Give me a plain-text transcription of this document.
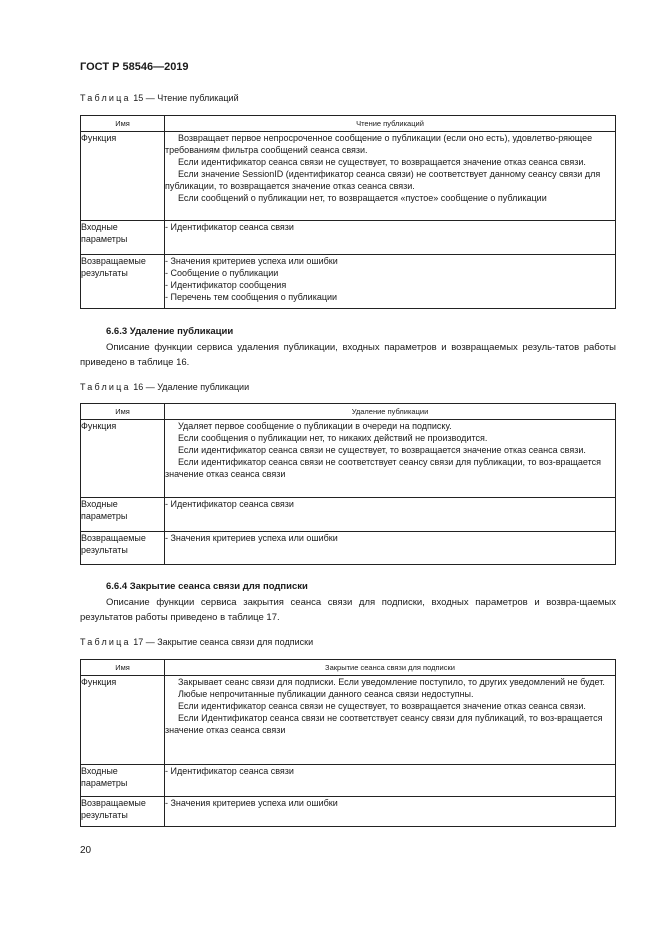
ГОСТ Р 58546—2019
Таблица 15 — Чтение публикаций
Имя	Чтение публикаций
Функция	Возвращает первое непросроченное сообщение о публикации (если оно есть), удовлетво-ряющее требованиям фильтра сообщений сеанса связи.

Если идентификатор сеанса связи не существует, то возвращается значение отказ сеанса связи.

Если значение SessionID (идентификатор сеанса связи) не соответствует данному сеансу связи для публикации, то возвращается значение отказ сеанса связи.

Если сообщений о публикации нет, то возвращается «пустое» сообщение о публикации

Входные параметры	- Идентификатор сеанса связи

Возвращаемые результаты	- Значения критериев успеха или ошибки
- Сообщение о публикации
- Идентификатор сообщения
- Перечень тем сообщения о публикации
6.6.3 Удаление публикации
Описание функции сервиса удаления публикации, входных параметров и возвращаемых резуль-татов работы приведено в таблице 16.
Таблица 16 — Удаление публикации
Имя	Удаление публикации
Функция	Удаляет первое сообщение о публикации в очереди на подписку.

Если сообщения о публикации нет, то никаких действий не производится.

Если идентификатор сеанса связи не существует, то возвращается значение отказ сеанса связи.

Если идентификатор сеанса связи не соответствует сеансу связи для публикации, то воз-вращается значение отказ сеанса связи

Входные параметры	- Идентификатор сеанса связи

Возвращаемые результаты	- Значения критериев успеха или ошибки
6.6.4 Закрытие сеанса связи для подписки
Описание функции сервиса закрытия сеанса связи для подписки, входных параметров и возвра-щаемых результатов работы приведено в таблице 17.
Таблица 17 — Закрытие сеанса связи для подписки
Имя	Закрытие сеанса связи для подписки
Функция	Закрывает сеанс связи для подписки. Если уведомление поступило, то других уведомлений не будет.

Любые непрочитанные публикации данного сеанса связи недоступны.

Если идентификатор сеанса связи не существует, то возвращается значение отказ сеанса связи.

Если Идентификатор сеанса связи не соответствует сеансу связи для публикаций, то воз-вращается значение отказ сеанса связи

Входные параметры	- Идентификатор сеанса связи

Возвращаемые результаты	- Значения критериев успеха или ошибки
20
